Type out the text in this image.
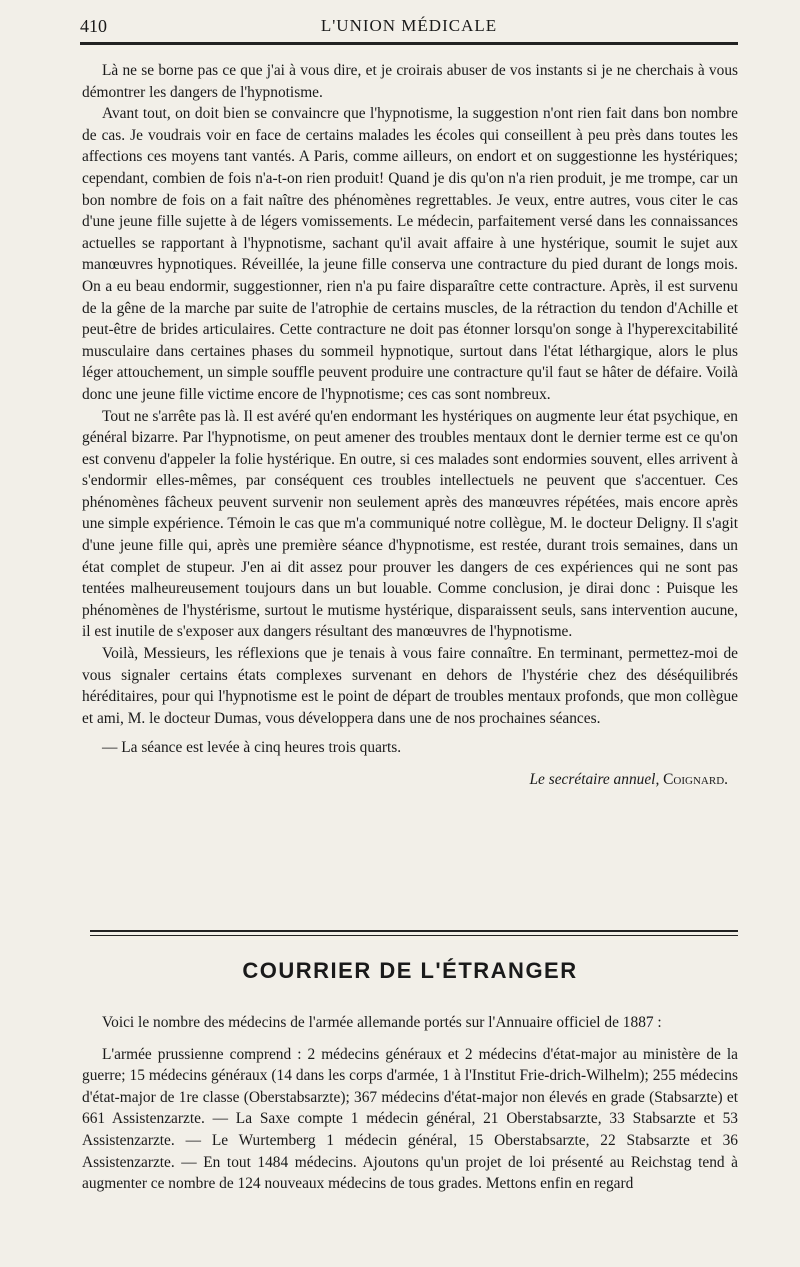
410	L'UNION MÉDICALE

Là ne se borne pas ce que j'ai à vous dire, et je croirais abuser de vos instants si je ne cherchais à vous démontrer les dangers de l'hypnotisme.

Avant tout, on doit bien se convaincre que l'hypnotisme, la suggestion n'ont rien fait dans bon nombre de cas. Je voudrais voir en face de certains malades les écoles qui conseillent à peu près dans toutes les affections ces moyens tant vantés. A Paris, comme ailleurs, on endort et on suggestionne les hystériques; cependant, combien de fois n'a-t-on rien produit! Quand je dis qu'on n'a rien produit, je me trompe, car un bon nombre de fois on a fait naître des phénomènes regrettables. Je veux, entre autres, vous citer le cas d'une jeune fille sujette à de légers vomissements. Le médecin, parfaitement versé dans les connaissances actuelles se rapportant à l'hypnotisme, sachant qu'il avait affaire à une hystérique, soumit le sujet aux manœuvres hypnotiques. Réveillée, la jeune fille conserva une contracture du pied durant de longs mois. On a eu beau endormir, suggestionner, rien n'a pu faire disparaître cette contracture. Après, il est survenu de la gêne de la marche par suite de l'atrophie de certains muscles, de la rétraction du tendon d'Achille et peut-être de brides articulaires. Cette contracture ne doit pas étonner lorsqu'on songe à l'hyperexcitabilité musculaire dans certaines phases du sommeil hypnotique, surtout dans l'état léthargique, alors le plus léger attouchement, un simple souffle peuvent produire une contracture qu'il faut se hâter de défaire. Voilà donc une jeune fille victime encore de l'hypnotisme; ces cas sont nombreux.

Tout ne s'arrête pas là. Il est avéré qu'en endormant les hystériques on augmente leur état psychique, en général bizarre. Par l'hypnotisme, on peut amener des troubles mentaux dont le dernier terme est ce qu'on est convenu d'appeler la folie hystérique. En outre, si ces malades sont endormies souvent, elles arrivent à s'endormir elles-mêmes, par conséquent ces troubles intellectuels ne peuvent que s'accentuer. Ces phénomènes fâcheux peuvent survenir non seulement après des manœuvres répétées, mais encore après une simple expérience. Témoin le cas que m'a communiqué notre collègue, M. le docteur Deligny. Il s'agit d'une jeune fille qui, après une première séance d'hypnotisme, est restée, durant trois semaines, dans un état complet de stupeur. J'en ai dit assez pour prouver les dangers de ces expériences qui ne sont pas tentées malheureusement toujours dans un but louable. Comme conclusion, je dirai donc : Puisque les phénomènes de l'hystérisme, surtout le mutisme hystérique, disparaissent seuls, sans intervention aucune, il est inutile de s'exposer aux dangers résultant des manœuvres de l'hypnotisme.

Voilà, Messieurs, les réflexions que je tenais à vous faire connaître. En terminant, permettez-moi de vous signaler certains états complexes survenant en dehors de l'hystérie chez des déséquilibrés héréditaires, pour qui l'hypnotisme est le point de départ de troubles mentaux profonds, que mon collègue et ami, M. le docteur Dumas, vous développera dans une de nos prochaines séances.

— La séance est levée à cinq heures trois quarts.

Le secrétaire annuel, Coignard.

COURRIER DE L'ÉTRANGER

Voici le nombre des médecins de l'armée allemande portés sur l'Annuaire officiel de 1887 :

L'armée prussienne comprend : 2 médecins généraux et 2 médecins d'état-major au ministère de la guerre; 15 médecins généraux (14 dans les corps d'armée, 1 à l'Institut Frie-drich-Wilhelm); 255 médecins d'état-major de 1re classe (Oberstabsarzte); 367 médecins d'état-major non élevés en grade (Stabsarzte) et 661 Assistenzarzte. — La Saxe compte 1 médecin général, 21 Oberstabsarzte, 33 Stabsarzte et 53 Assistenzarzte. — Le Wurtemberg 1 médecin général, 15 Oberstabsarzte, 22 Stabsarzte et 36 Assistenzarzte. — En tout 1484 médecins. Ajoutons qu'un projet de loi présenté au Reichstag tend à augmenter ce nombre de 124 nouveaux médecins de tous grades. Mettons enfin en regard
